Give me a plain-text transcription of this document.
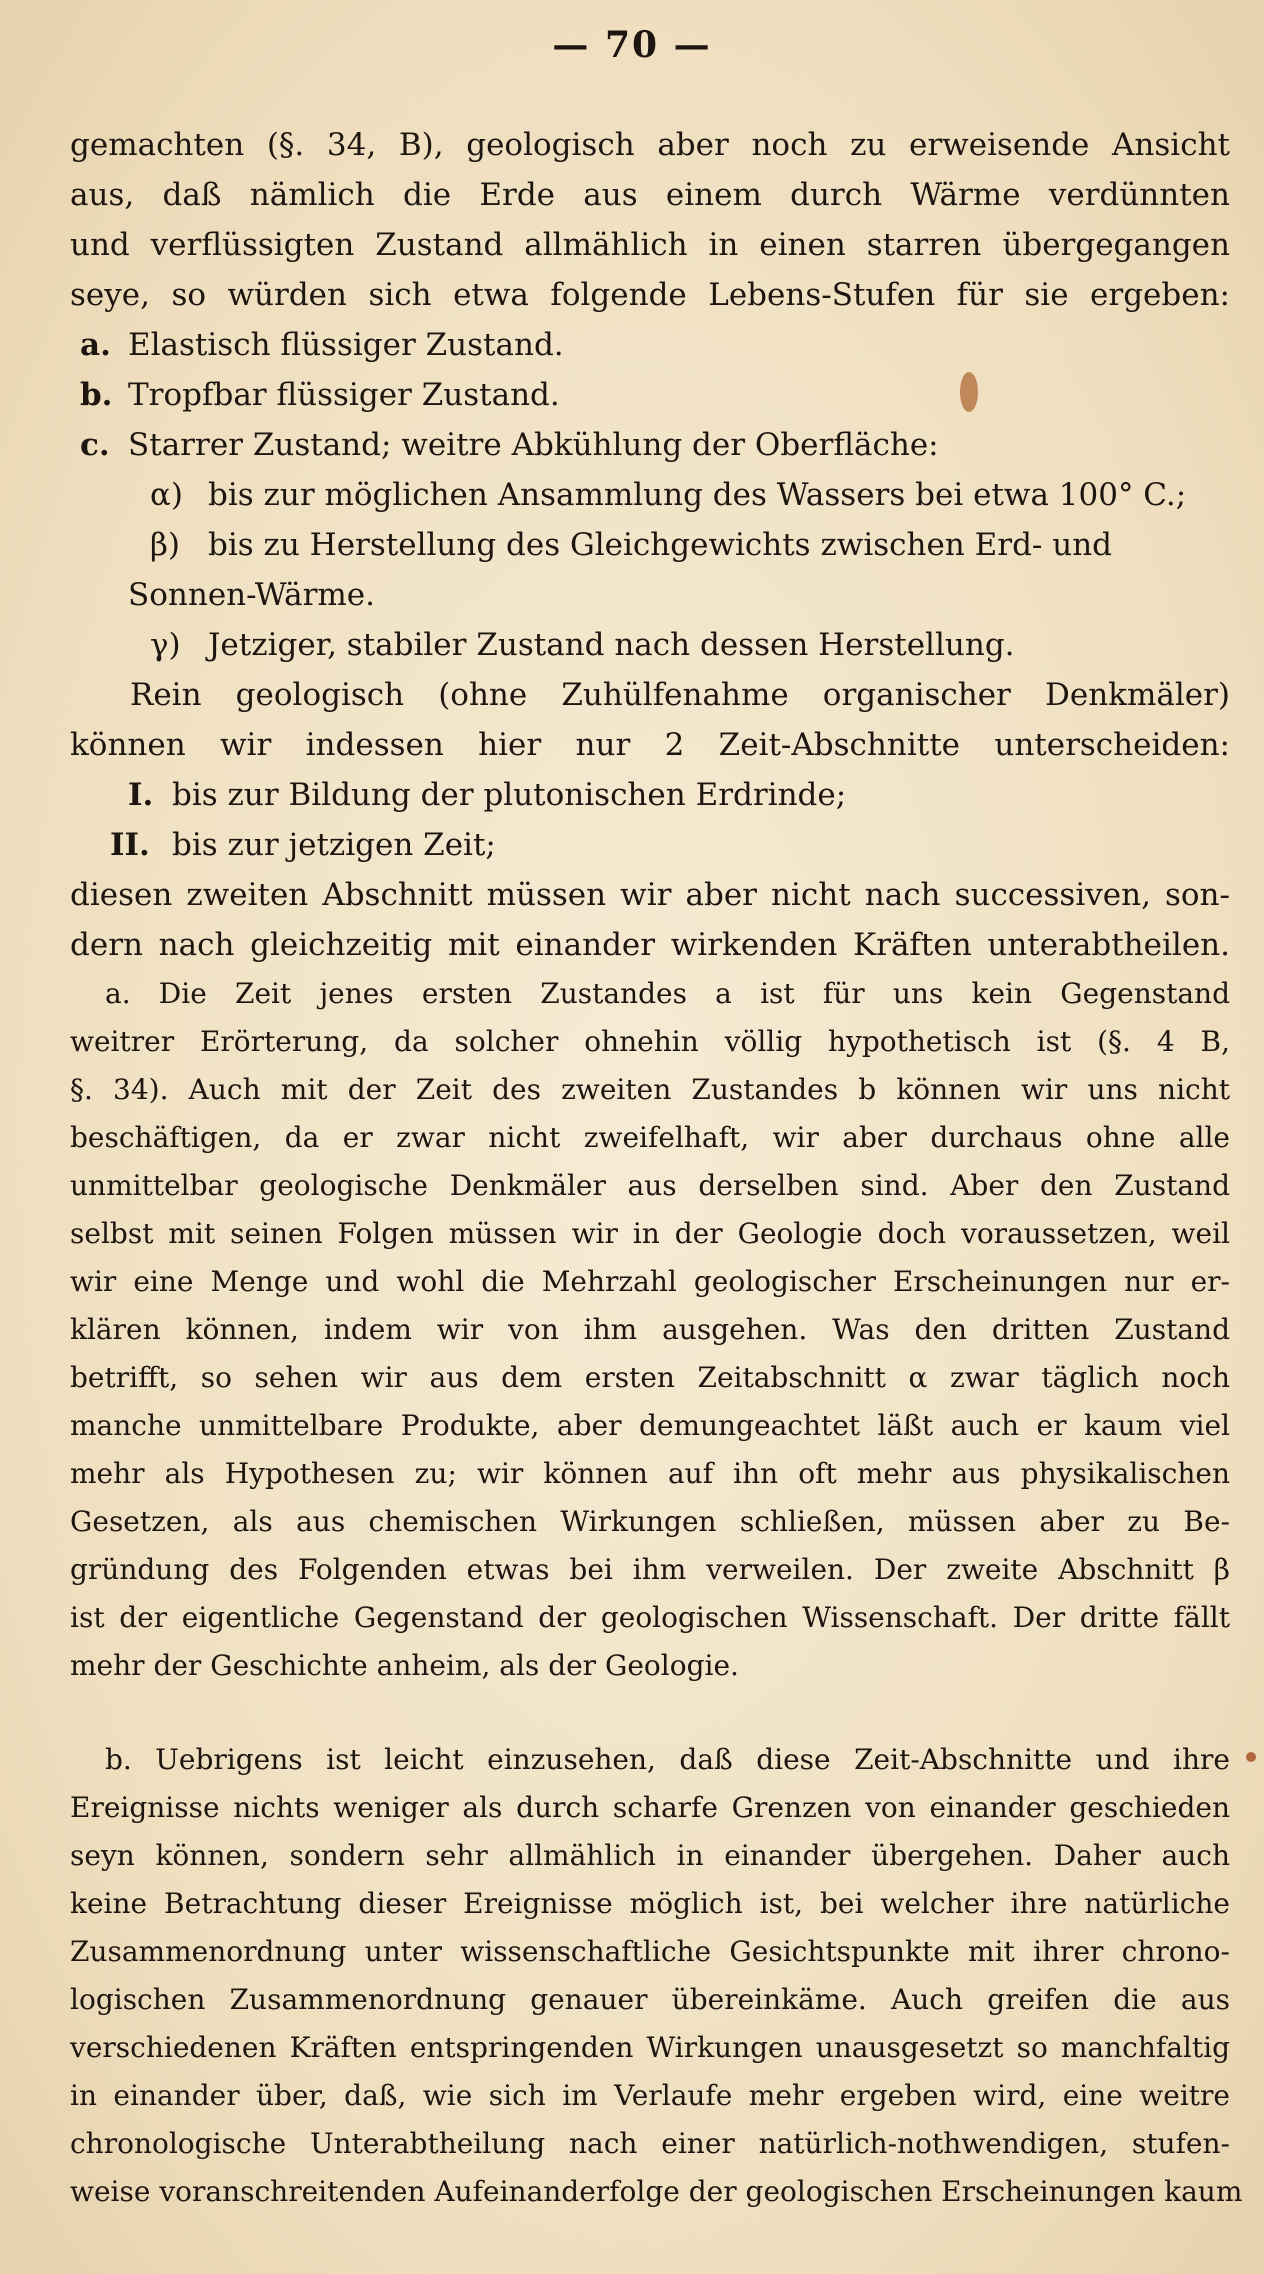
— 70 —
gemachten (§. 34, B), geologisch aber noch zu erweisende Ansicht
aus, daß nämlich die Erde aus einem durch Wärme verdünnten
und verflüssigten Zustand allmählich in einen starren übergegangen
seye, so würden sich etwa folgende Lebens-Stufen für sie ergeben:
a. Elastisch flüssiger Zustand.
b. Tropfbar flüssiger Zustand.
c. Starrer Zustand; weitre Abkühlung der Oberfläche:
α) bis zur möglichen Ansammlung des Wassers bei etwa 100° C.;
β) bis zu Herstellung des Gleichgewichts zwischen Erd- und
Sonnen-Wärme.
γ) Jetziger, stabiler Zustand nach dessen Herstellung.
Rein geologisch (ohne Zuhülfenahme organischer Denkmäler)
können wir indessen hier nur 2 Zeit-Abschnitte unterscheiden:
I. bis zur Bildung der plutonischen Erdrinde;
II. bis zur jetzigen Zeit;
diesen zweiten Abschnitt müssen wir aber nicht nach successiven, son-
dern nach gleichzeitig mit einander wirkenden Kräften unterabtheilen.
a. Die Zeit jenes ersten Zustandes a ist für uns kein Gegenstand
weitrer Erörterung, da solcher ohnehin völlig hypothetisch ist (§. 4 B,
§. 34). Auch mit der Zeit des zweiten Zustandes b können wir uns nicht
beschäftigen, da er zwar nicht zweifelhaft, wir aber durchaus ohne alle
unmittelbar geologische Denkmäler aus derselben sind. Aber den Zustand
selbst mit seinen Folgen müssen wir in der Geologie doch voraussetzen, weil
wir eine Menge und wohl die Mehrzahl geologischer Erscheinungen nur er-
klären können, indem wir von ihm ausgehen. Was den dritten Zustand
betrifft, so sehen wir aus dem ersten Zeitabschnitt α zwar täglich noch
manche unmittelbare Produkte, aber demungeachtet läßt auch er kaum viel
mehr als Hypothesen zu; wir können auf ihn oft mehr aus physikalischen
Gesetzen, als aus chemischen Wirkungen schließen, müssen aber zu Be-
gründung des Folgenden etwas bei ihm verweilen. Der zweite Abschnitt β
ist der eigentliche Gegenstand der geologischen Wissenschaft. Der dritte fällt
mehr der Geschichte anheim, als der Geologie.
b. Uebrigens ist leicht einzusehen, daß diese Zeit-Abschnitte und ihre
Ereignisse nichts weniger als durch scharfe Grenzen von einander geschieden
seyn können, sondern sehr allmählich in einander übergehen. Daher auch
keine Betrachtung dieser Ereignisse möglich ist, bei welcher ihre natürliche
Zusammenordnung unter wissenschaftliche Gesichtspunkte mit ihrer chrono-
logischen Zusammenordnung genauer übereinkäme. Auch greifen die aus
verschiedenen Kräften entspringenden Wirkungen unausgesetzt so manchfaltig
in einander über, daß, wie sich im Verlaufe mehr ergeben wird, eine weitre
chronologische Unterabtheilung nach einer natürlich-nothwendigen, stufen-
weise voranschreitenden Aufeinanderfolge der geologischen Erscheinungen kaum
